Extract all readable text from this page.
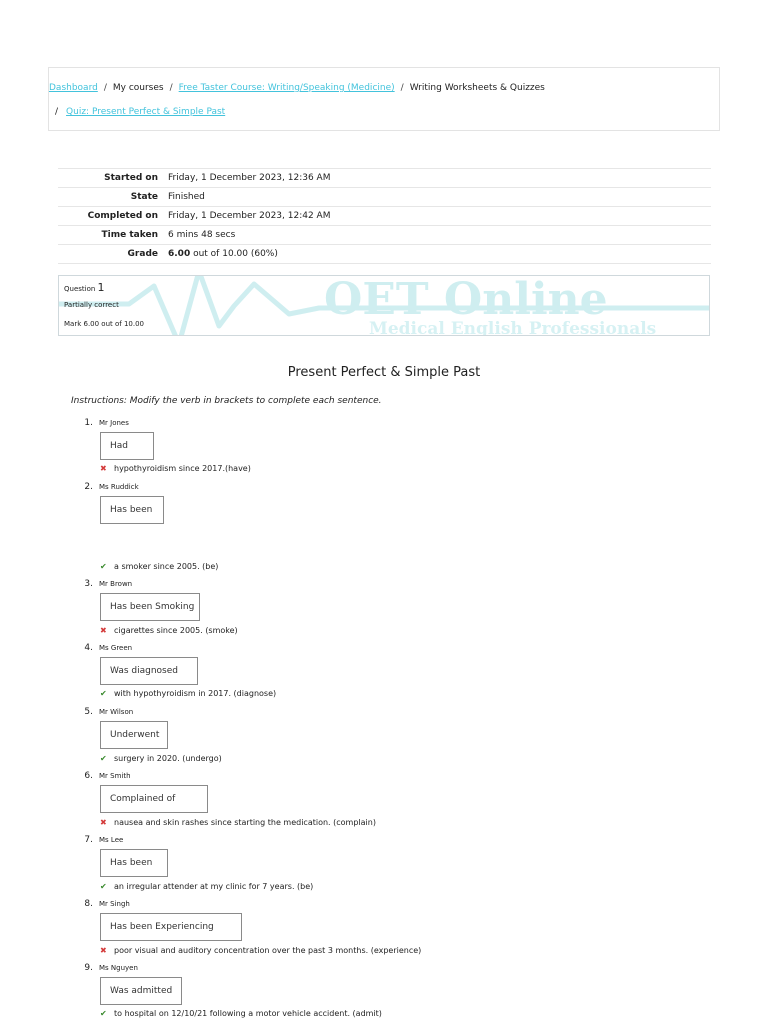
Dashboard / My courses / Free Taster Course: Writing/Speaking (Medicine) / Writing Worksheets & Quizzes
/ Quiz: Present Perfect & Simple Past
Started on	Friday, 1 December 2023, 12:36 AM
State	Finished
Completed on	Friday, 1 December 2023, 12:42 AM
Time taken	6 mins 48 secs
Grade	6.00 out of 10.00 (60%)
OET Online
Medical English Professionals
Question 1
Partially correct
Mark 6.00 out of 10.00
Present Perfect & Simple Past
Instructions: Modify the verb in brackets to complete each sentence.
1. Mr Jones
Had
✖ hypothyroidism since 2017.(have)
2. Ms Ruddick
Has been
✔ a smoker since 2005. (be)
3. Mr Brown
Has been Smoking
✖ cigarettes since 2005. (smoke)
4. Ms Green
Was diagnosed
✔ with hypothyroidism in 2017. (diagnose)
5. Mr Wilson
Underwent
✔ surgery in 2020. (undergo)
6. Mr Smith
Complained of
✖ nausea and skin rashes since starting the medication. (complain)
7. Ms Lee
Has been
✔ an irregular attender at my clinic for 7 years. (be)
8. Mr Singh
Has been Experiencing
✖ poor visual and auditory concentration over the past 3 months. (experience)
9. Ms Nguyen
Was admitted
✔ to hospital on 12/10/21 following a motor vehicle accident. (admit)
